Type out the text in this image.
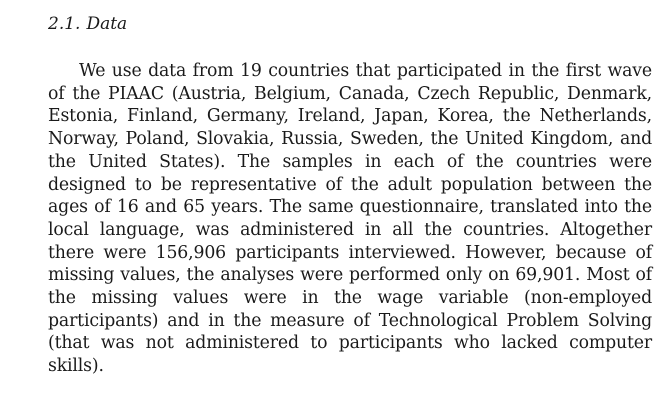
2.1. Data

We use data from 19 countries that participated in the first wave of the PIAAC (Austria, Belgium, Canada, Czech Republic, Denmark, Estonia, Finland, Germany, Ireland, Japan, Korea, the Netherlands, Norway, Poland, Slovakia, Russia, Sweden, the United Kingdom, and the United States). The samples in each of the countries were designed to be representative of the adult population between the ages of 16 and 65 years. The same questionnaire, translated into the local language, was administered in all the countries. Altogether there were 156,906 participants interviewed. However, because of missing values, the analyses were performed only on 69,901. Most of the missing values were in the wage variable (non-employed participants) and in the measure of Technological Problem Solving (that was not administered to participants who lacked computer skills).
